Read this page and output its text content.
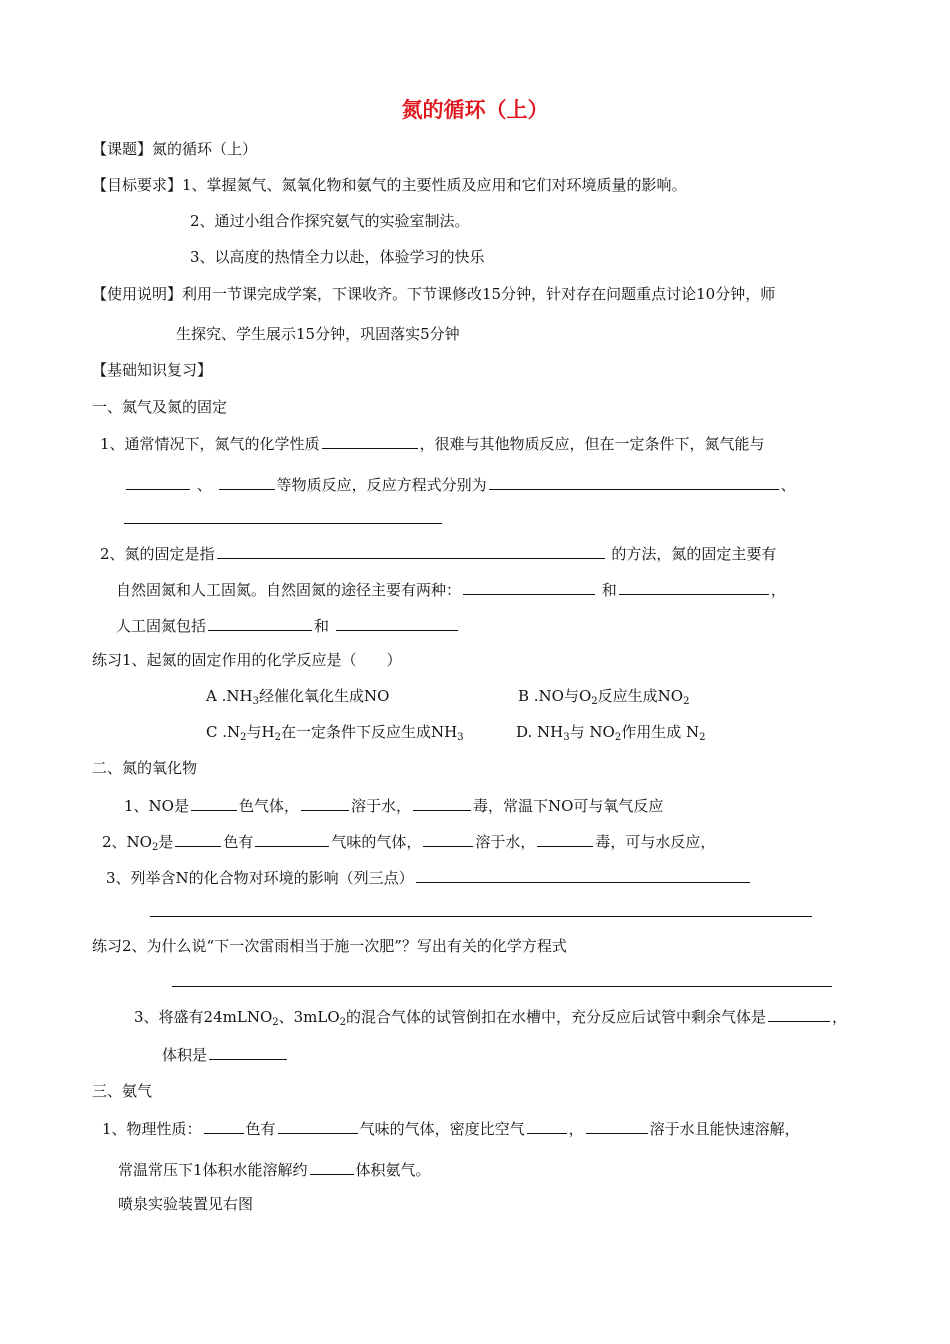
氮的循环（上）
【课题】氮的循环（上）
【目标要求】1、掌握氮气、氮氧化物和氨气的主要性质及应用和它们对环境质量的影响。
2、通过小组合作探究氨气的实验室制法。
3、以高度的热情全力以赴，体验学习的快乐
【使用说明】利用一节课完成学案，下课收齐。下节课修改15分钟，针对存在问题重点讨论10分钟，师
生探究、学生展示15分钟，巩固落实5分钟
【基础知识复习】
一、氮气及氮的固定
1、通常情况下，氮气的化学性质	，很难与其他物质反应，但在一定条件下，氮气能与
、	等物质反应，反应方程式分别为	、
2、氮的固定是指	的方法，氮的固定主要有
自然固氮和人工固氮。自然固氮的途径主要有两种：	和	，
人工固氮包括	和
练习1、起氮的固定作用的化学反应是（　　）
A $.NH_3$经催化氧化生成NO	B .NO与$O_2$反应生成$NO_2$
C $.N_2$与$H_2$在一定条件下反应生成$NH_3$	D. $NH_3$与 $NO_2$作用生成 $N_2$
二、氮的氧化物
1、NO是	色气体，	溶于水，	毒，常温下NO可与氧气反应
2、$NO_2$是	色有	气味的气体，	溶于水，	毒，可与水反应，
3、列举含N的化合物对环境的影响（列三点）
练习2、为什么说“下一次雷雨相当于施一次肥”？写出有关的化学方程式
3、将盛有24mLNO$_2$、3mLO$_2$的混合气体的试管倒扣在水槽中，充分反应后试管中剩余气体是	，
体积是
三、氨气
1、物理性质：	色有	气味的气体，密度比空气	，	溶于水且能快速溶解，
常温常压下1体积水能溶解约	体积氨气。
喷泉实验装置见右图
